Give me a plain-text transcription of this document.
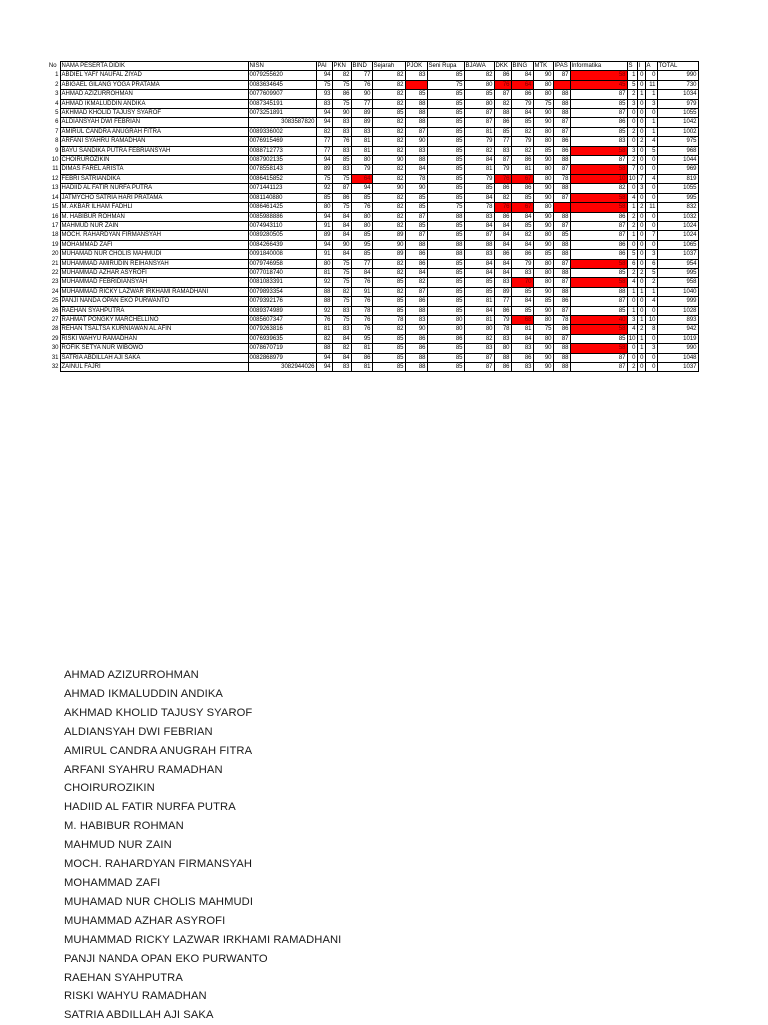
No	NAMA PESERTA DIDIK	NISN	PAI	PKN	BIND	Sejarah	PJOK	Seni Rupa	BJAWA	DKK	BING	MTK	IPAS	Informatika	S	I	A	TOTAL
1	ABDIEL YAFI' NAUFAL ZIYAD	0079255620	94	82	77	82	83	85	82	86	84	90	87	58	1	0	0	990
2	ABIGAEL GILANG YOGA PRATAMA	0083634645	75	75	76	82		75	80	76	64	80		45	5	0	11	730
3	AHMAD AZIZURROHMAN	0077609907	93	86	90	82	85	85	85	87	86	80	88	87	2	1	1	1034
4	AHMAD IKMALUDDIN ANDIKA	0087345191	83	75	77	82	88	85	80	82	79	75	88	85	3	0	3	979
5	AKHMAD KHOLID TAJUSY SYAROF	0073251891	94	90	89	85	88	85	87	88	84	90	88	87	0	0	0	1055
6	ALDIANSYAH DWI FEBRIAN	3083587820	94	83	89	82	88	85	87	86	85	90	87	86	0	0	1	1042
7	AMIRUL CANDRA ANUGRAH FITRA	0089336002	82	83	83	82	87	85	81	85	82	80	87	85	2	0	1	1002
8	ARFANI SYAHRU RAMADHAN	0076915469	77	76	81	82	90	85	79	77	79	80	86	83	0	2	4	975
9	BAYU SANDIKA PUTRA FEBRIANSYAH	0088712773	77	83	81	82	83	85	82	83	82	85	86	58	3	0	5	968
10	CHOIRUROZIKIN	0087902135	94	85	80	90	88	85	84	87	86	90	88	87	2	0	0	1044
11	DIMAS FAREL ARISTA	0078558143	89	83	79	82	84	85	81	79	81	80	87	58	7	0	0	969
12	FEBRI SATRIANDIKA	0086415852	75	75	64	82	78	85	79	76	67	80	78	10	10	7	4	819
13	HADIID AL FATIR NURFA PUTRA	0071441123	92	87	94	90	90	85	85	86	86	90	88	82	0	3	0	1055
14	JATMYCHO SATRIA HARI PRATAMA	0081140880	85	86	85	82	85	85	84	82	85	90	87	58	4	0	0	995
15	M. AKBAR ILHAM FADHLI	0086461425	80	75	76	82	85	75	78	76	67	80		58	1	2	11	832
16	M. HABIBUR ROHMAN	0085988886	94	84	80	82	87	88	83	86	84	90	88	86	2	0	0	1032
17	MAHMUD NUR ZAIN	0074943110	91	84	80	82	85	85	84	84	85	90	87	87	2	0	0	1024
18	MOCH. RAHARDYAN FIRMANSYAH	0089280505	89	84	85	89	87	85	87	84	82	80	85	87	1	0	7	1024
19	MOHAMMAD ZAFI	0084266439	94	90	95	90	88	88	88	84	84	90	88	86	0	0	0	1065
20	MUHAMAD NUR CHOLIS MAHMUDI	0091840008	91	84	85	89	86	88	83	86	86	85	88	86	5	0	3	1037
21	MUHAMMAD AMIRUDIN REIHANSYAH	0079746958	80	75	77	82	86	85	84	84	79	80	87	58	6	0	6	954
22	MUHAMMAD AZHAR ASYROFI	0077018740	81	75	84	82	84	85	84	84	83	80	88	85	2	2	5	995
23	MUHAMMAD FEBRIDIANSYAH	0081083391	92	75	76	85	82	85	85	83	70	80	87	58	4	0	2	958
24	MUHAMMAD RICKY LAZWAR IRKHAMI RAMADHANI	0079893354	88	82	91	82	87	85	85	89	85	90	88	88	1	1	1	1040
25	PANJI NANDA OPAN EKO PURWANTO	0079392176	88	75	76	85	86	85	81	77	84	85	86	87	0	0	4	999
26	RAEHAN SYAHPUTRA	0089374989	92	83	78	85	88	85	84	86	85	90	87	85	1	0	0	1028
27	RAHMAT PONGKY MARCHELLINO	0085607347	76	75	76	78	83	80	81	79	68	80	78	40	3	1	10	893
28	REHAN TSALTSA KURNIAWAN AL AFIN	0079263816	81	83	76	82	90	80	80	78	81	75	86	58	4	2	8	942
29	RISKI WAHYU RAMADHAN	0076939635	82	84	95	85	86	86	82	83	84	80	87	85	10	1	0	1019
30	ROFIK SETYA NUR WIBOWO	0078670719	88	82	81	85	86	85	83	80	83	90	88	58	0	1	3	990
31	SATRIA ABDILLAH AJI SAKA	0082868979	94	84	86	85	88	85	87	88	86	90	88	87	0	0	0	1048
32	ZAINUL FAJRI	3082944026	94	83	81	85	88	85	87	86	83	90	88	87	2	0	0	1037
AHMAD AZIZURROHMAN
AHMAD IKMALUDDIN ANDIKA
AKHMAD KHOLID TAJUSY SYAROF
ALDIANSYAH DWI FEBRIAN
AMIRUL CANDRA ANUGRAH FITRA
ARFANI SYAHRU RAMADHAN
CHOIRUROZIKIN
HADIID AL FATIR NURFA PUTRA
M. HABIBUR ROHMAN
MAHMUD NUR ZAIN
MOCH. RAHARDYAN FIRMANSYAH
MOHAMMAD ZAFI
MUHAMAD NUR CHOLIS MAHMUDI
MUHAMMAD AZHAR ASYROFI
MUHAMMAD RICKY LAZWAR IRKHAMI RAMADHANI
PANJI NANDA OPAN EKO PURWANTO
RAEHAN SYAHPUTRA
RISKI WAHYU RAMADHAN
SATRIA ABDILLAH AJI SAKA
